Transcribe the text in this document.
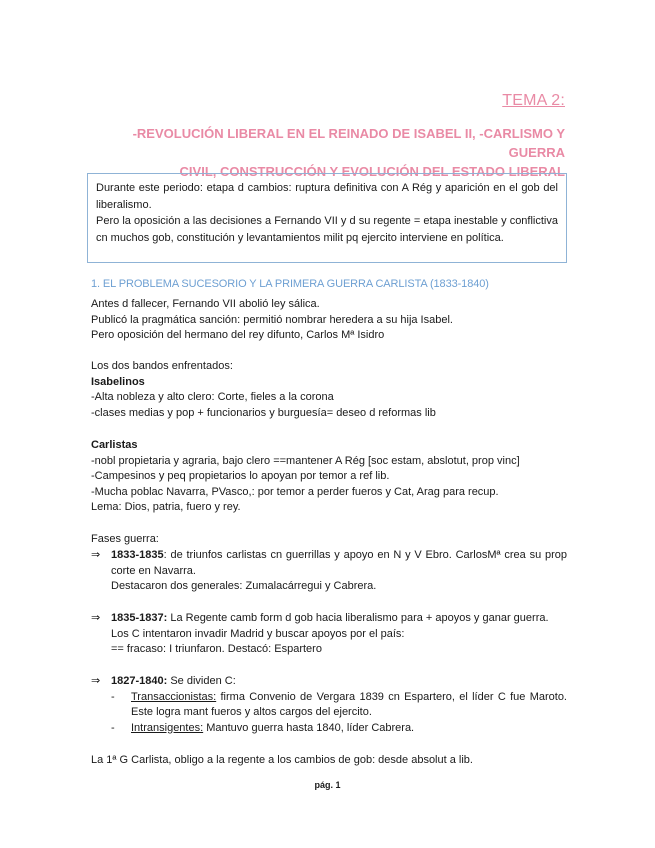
TEMA 2:
-REVOLUCIÓN LIBERAL EN EL REINADO DE ISABEL II, -CARLISMO Y GUERRA
CIVIL, CONSTRUCCIÓN Y EVOLUCIÓN DEL ESTADO LIBERAL

Durante este periodo: etapa d cambios: ruptura definitiva con A Rég y aparición en el gob del liberalismo.

Pero la oposición a las decisiones a Fernando VII y d su regente = etapa inestable y conflictiva cn muchos gob, constitución y levantamientos milit pq ejercito interviene en política.

1. EL PROBLEMA SUCESORIO Y LA PRIMERA GUERRA CARLISTA (1833-1840)

Antes d fallecer, Fernando VII abolió ley sálica.

Publicó la pragmática sanción: permitió nombrar heredera a su hija Isabel.

Pero oposición del hermano del rey difunto, Carlos Mª Isidro

Los dos bandos enfrentados:

Isabelinos

-Alta nobleza y alto clero: Corte, fieles a la corona

-clases medias y pop + funcionarios y burguesía= deseo d reformas lib

Carlistas

-nobl propietaria y agraria, bajo clero ==mantener A Rég [soc estam, abslotut, prop vinc]

-Campesinos y peq propietarios lo apoyan por temor a ref lib.

-Mucha poblac Navarra, PVasco,: por temor a perder fueros y Cat, Arag para recup.

Lema: Dios, patria, fuero y rey.

Fases guerra:
⇒ 1833-1835: de triunfos carlistas cn guerrillas y apoyo en N y V Ebro. CarlosMª crea su prop corte en Navarra.

Destacaron dos generales: Zumalacárregui y Cabrera.

⇒ 1835-1837: La Regente camb form d gob hacia liberalismo para + apoyos y ganar guerra.

Los C intentaron invadir Madrid y buscar apoyos por el país:

== fracaso: I triunfaron. Destacó: Espartero

⇒ 1827-1840: Se dividen C:

- Transaccionistas: firma Convenio de Vergara 1839 cn Espartero, el líder C fue Maroto. Este logra mant fueros y altos cargos del ejercito.
- Intransigentes: Mantuvo guerra hasta 1840, líder Cabrera.
La 1ª G Carlista, obligo a la regente a los cambios de gob: desde absolut a lib.
pág. 1
